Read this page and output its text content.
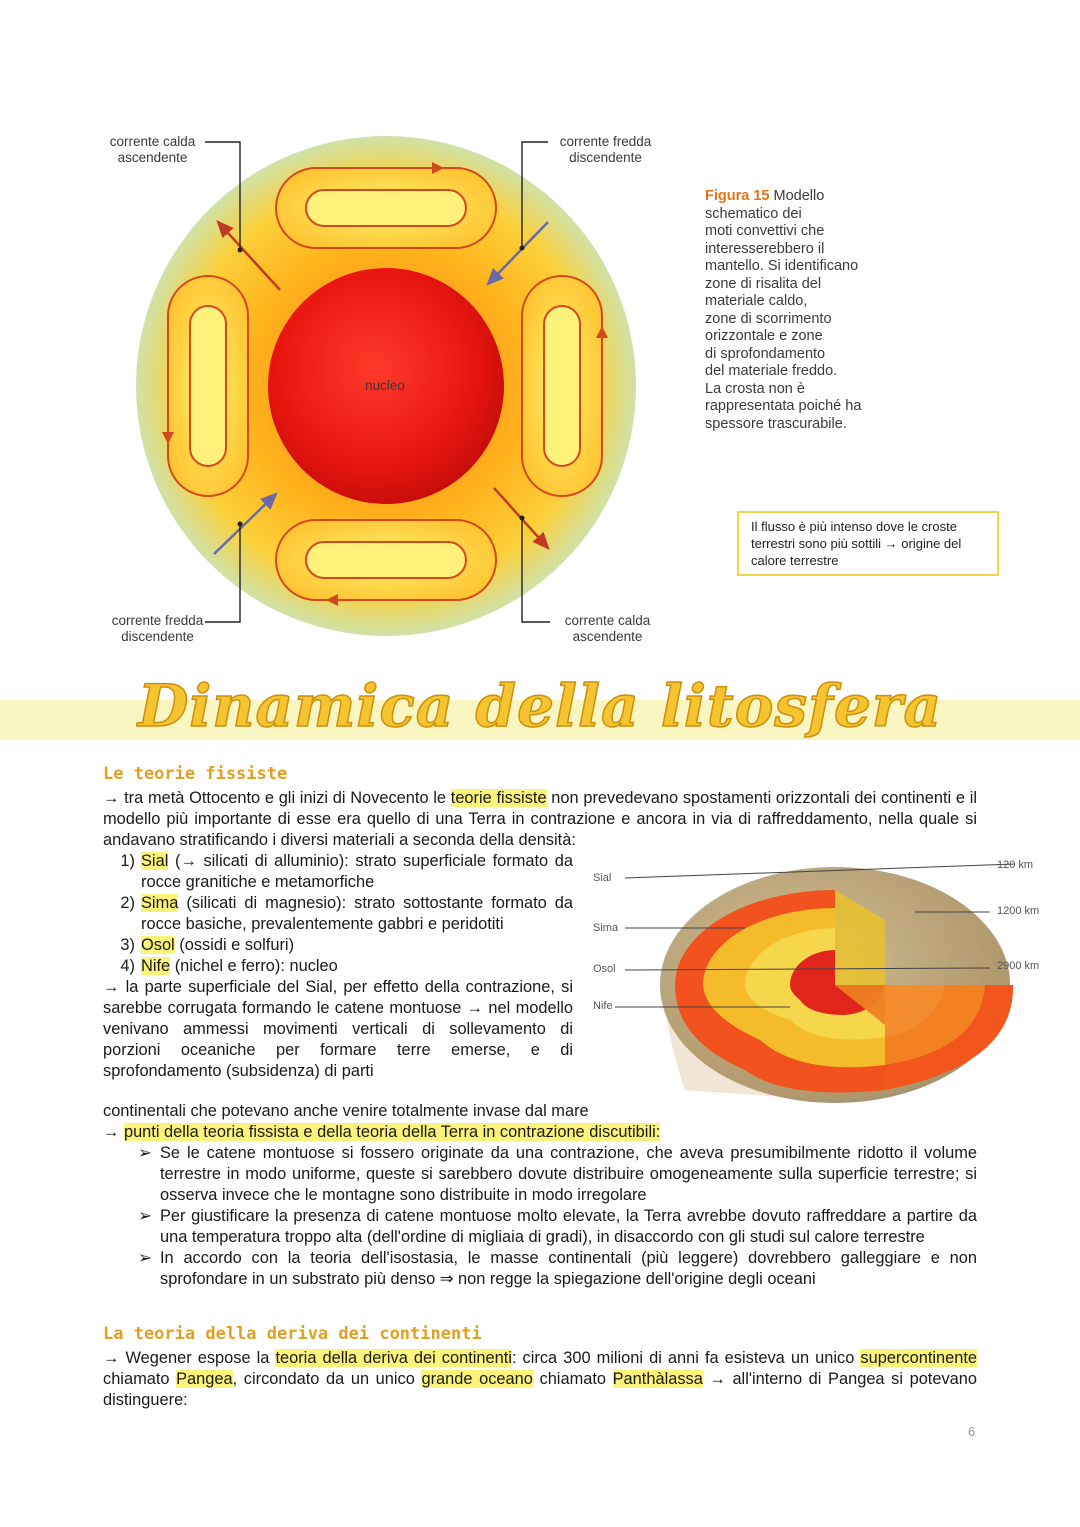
corrente calda
ascendente
corrente fredda
discendente
corrente fredda
discendente
corrente calda
ascendente
nucleo
Figura 15 Modello
schematico dei
moti convettivi che
interesserebbero il
mantello. Si identificano
zone di risalita del
materiale caldo,
zone di scorrimento
orizzontale e zone
di sprofondamento
del materiale freddo.
La crosta non è
rappresentata poiché ha
spessore trascurabile.
Il flusso è più intenso dove le croste terrestri sono più sottili → origine del calore terrestre
Dinamica della litosfera
Le teorie fissiste
→ tra metà Ottocento e gli inizi di Novecento le teorie fissiste non prevedevano spostamenti orizzontali dei continenti e il modello più importante di esse era quello di una Terra in contrazione e ancora in via di raffreddamento, nella quale si andavano stratificando i diversi materiali a seconda della densità:
1) Sial (→ silicati di alluminio): strato superficiale formato da rocce granitiche e metamorfiche
2) Sima (silicati di magnesio): strato sottostante formato da rocce basiche, prevalentemente gabbri e peridotiti
3) Osol (ossidi e solfuri)
4) Nife (nichel e ferro): nucleo
→ la parte superficiale del Sial, per effetto della contrazione, si sarebbe corrugata formando le catene montuose → nel modello venivano ammessi movimenti verticali di sollevamento di porzioni oceaniche per formare terre emerse, e di sprofondamento (subsidenza) di parti
continentali che potevano anche venire totalmente invase dal mare
Sial
Sima
Osol
Nife
120 km
1200 km
2900 km
→ punti della teoria fissista e della teoria della Terra in contrazione discutibili:
➢ Se le catene montuose si fossero originate da una contrazione, che aveva presumibilmente ridotto il volume terrestre in modo uniforme, queste si sarebbero dovute distribuire omogeneamente sulla superficie terrestre; si osserva invece che le montagne sono distribuite in modo irregolare
➢ Per giustificare la presenza di catene montuose molto elevate, la Terra avrebbe dovuto raffreddare a partire da una temperatura troppo alta (dell'ordine di migliaia di gradi), in disaccordo con gli studi sul calore terrestre
➢ In accordo con la teoria dell'isostasia, le masse continentali (più leggere) dovrebbero galleggiare e non sprofondare in un substrato più denso ⇒ non regge la spiegazione dell'origine degli oceani
La teoria della deriva dei continenti
→ Wegener espose la teoria della deriva dei continenti: circa 300 milioni di anni fa esisteva un unico supercontinente chiamato Pangea, circondato da un unico grande oceano chiamato Panthàlassa → all'interno di Pangea si potevano distinguere:
6
